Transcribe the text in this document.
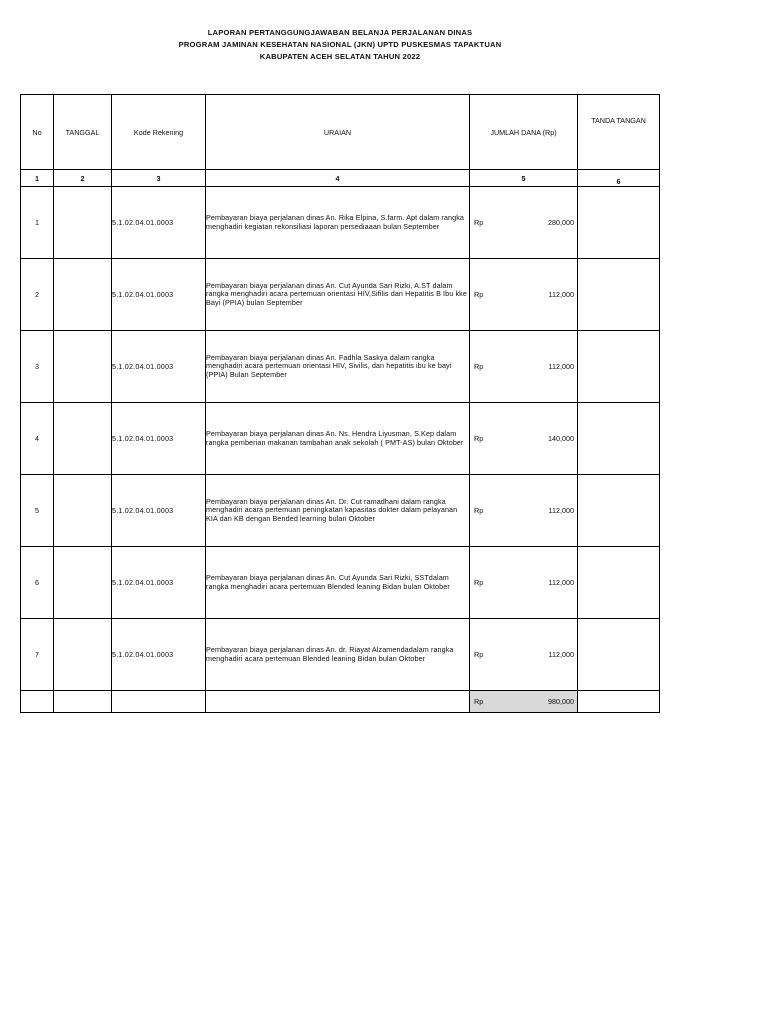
LAPORAN PERTANGGUNGJAWABAN BELANJA PERJALANAN DINAS
PROGRAM JAMINAN KESEHATAN NASIONAL (JKN) UPTD PUSKESMAS TAPAKTUAN
KABUPATEN ACEH SELATAN TAHUN 2022
No	TANGGAL	Kode Rekening	URAIAN	JUMLAH DANA (Rp)	TANDA TANGAN
1	2	3	4	5	6
1		5.1.02.04.01.0003	Pembayaran biaya perjalanan dinas An. Rika Elpina, S.farm. Apt dalam rangka menghadiri kegiatan rekonsiliasi laporan persediaaan bulan September	Rp 280,000	

2		5.1.02.04.01.0003	Pembayaran biaya perjalanan dinas An. Cut Ayunda Sari Rizki, A.ST dalam rangka menghadiri acara pertemuan orientasi HIV,Sifilis dan Hepatitis B Ibu kke Bayi (PPIA) bulan September	Rp 112,000	

3		5.1.02.04.01.0003	Pembayaran biaya perjalanan dinas An. Fadhla Saskya dalam rangka menghadiri acara pertemuan orientasi HIV, Sivilis, dan hepatitis ibu ke bayi (PPIA) Bulan September	Rp 112,000	

4		5.1.02.04.01.0003	Pembayaran biaya perjalanan dinas An. Ns. Hendra Liyusman, S.Kep dalam rangka pemberian makanan tambahan anak sekolah ( PMT-AS) bulan Oktober	Rp 140,000	

5		5.1.02.04.01.0003	Pembayaran biaya perjalanan dinas An. Dr. Cut ramadhani dalam rangka menghadiri acara pertemuan peningkatan kapasitas dokter dalam pelayanan KIA dan KB dengan Bended learning bulan Oktober	Rp 112,000	

6		5.1.02.04.01.0003	Pembayaran biaya perjalanan dinas An. Cut Ayunda Sari Rizki, SSTdalam rangka menghadiri acara pertemuan Blended leaning Bidan bulan Oktober	Rp 112,000	

7		5.1.02.04.01.0003	Pembayaran biaya perjalanan dinas An. dr. Riayat Alzamendadalam rangka menghadiri acara pertemuan Blended leaning Bidan bulan Oktober	Rp 112,000	

				Rp 980,000	
